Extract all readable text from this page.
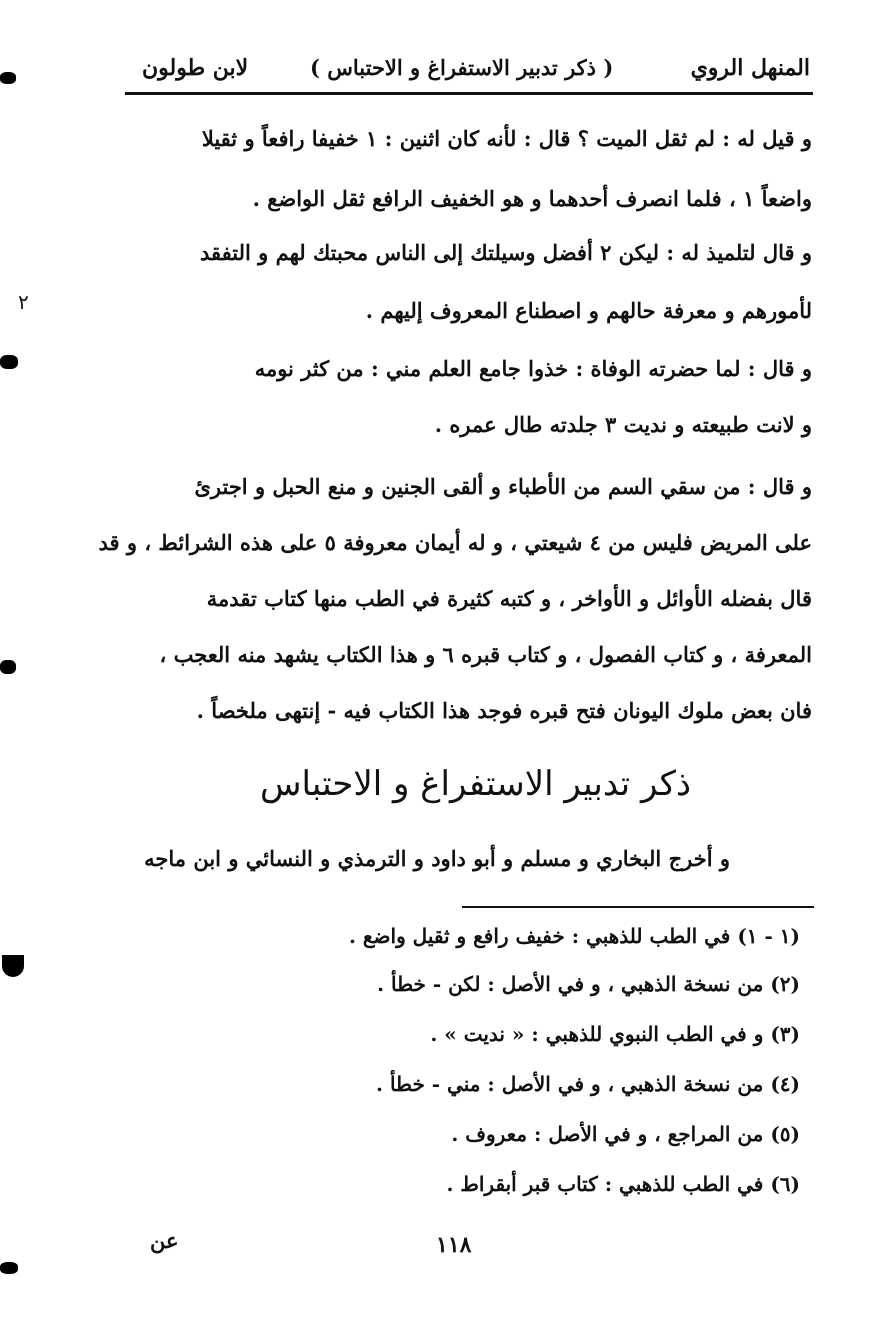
المنهل الروي
( ذكر تدبير الاستفراغ و الاحتباس )
لابن طولون
٢
و قيل له : لم ثقل الميت ؟ قال : لأنه كان اثنين : ١ خفيفا رافعاً و ثقيلا
واضعاً ١ ، فلما انصرف أحدهما و هو الخفيف الرافع ثقل الواضع .
و قال لتلميذ له : ليكن ٢ أفضل وسيلتك إلى الناس محبتك لهم و التفقد
لأمورهم و معرفة حالهم و اصطناع المعروف إليهم .
و قال : لما حضرته الوفاة : خذوا جامع العلم مني : من كثر نومه
و لانت طبيعته و نديت ٣ جلدته طال عمره .
و قال : من سقي السم من الأطباء و ألقى الجنين و منع الحبل و اجترئ
على المريض فليس من ٤ شيعتي ، و له أيمان معروفة ٥ على هذه الشرائط ، و قد
قال بفضله الأوائل و الأواخر ، و كتبه كثيرة في الطب منها كتاب تقدمة
المعرفة ، و كتاب الفصول ، و كتاب قبره ٦ و هذا الكتاب يشهد منه العجب ،
فان بعض ملوك اليونان فتح قبره فوجد هذا الكتاب فيه - إنتهى ملخصاً .
ذكر تدبير الاستفراغ و الاحتباس
و أخرج البخاري و مسلم و أبو داود و الترمذي و النسائي و ابن ماجه
(١ - ١) في الطب للذهبي : خفيف رافع و ثقيل واضع .
(٢) من نسخة الذهبي ، و في الأصل : لكن - خطأ .
(٣) و في الطب النبوي للذهبي : « نديت » .
(٤) من نسخة الذهبي ، و في الأصل : مني - خطأ .
(٥) من المراجع ، و في الأصل : معروف .
(٦) في الطب للذهبي : كتاب قبر أبقراط .
عن	١١٨
